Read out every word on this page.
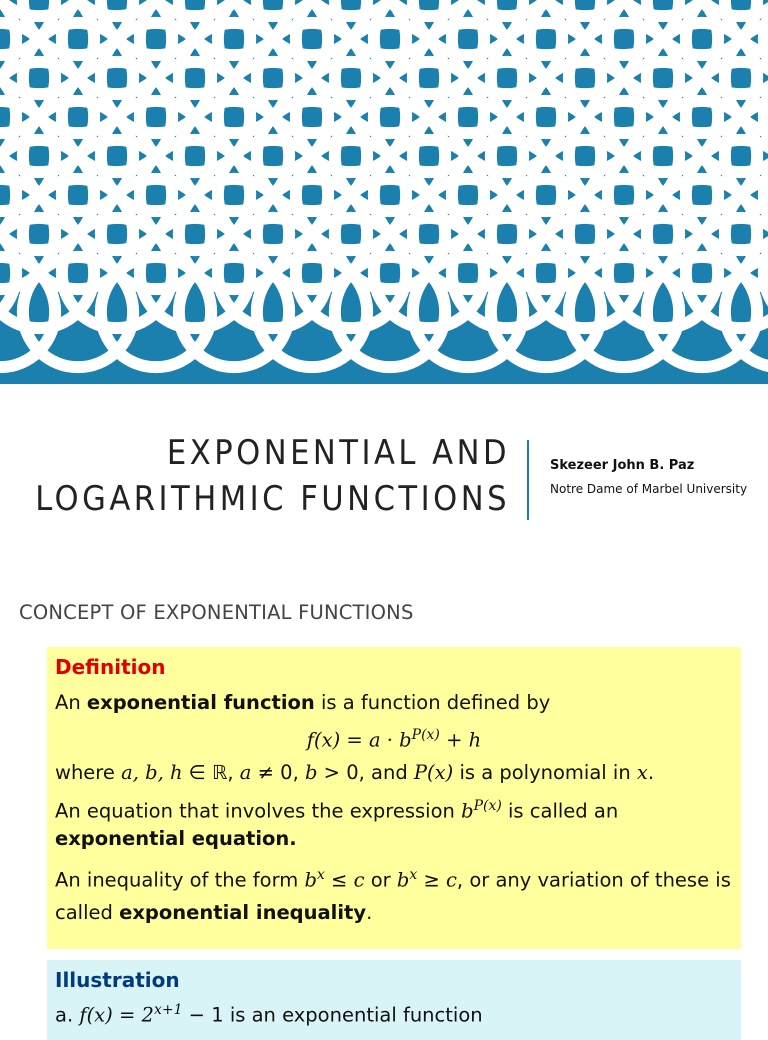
EXPONENTIAL AND
LOGARITHMIC FUNCTIONS
Skezeer John B. Paz
Notre Dame of Marbel University
CONCEPT OF EXPONENTIAL FUNCTIONS
Definition
An exponential function is a function defined by
$f(x) = a \cdot b^{P(x)} + h$
where a, b, h ∈ ℝ, a ≠ 0, b > 0, and P(x) is a polynomial in x.
An equation that involves the expression $b^{P(x)}$ is called an
exponential equation.
An inequality of the form $b^x \le c$ or $b^x \ge c$, or any variation of these is called exponential inequality.
Illustration
a. $f(x) = 2^{x+1} - 1$ is an exponential function
